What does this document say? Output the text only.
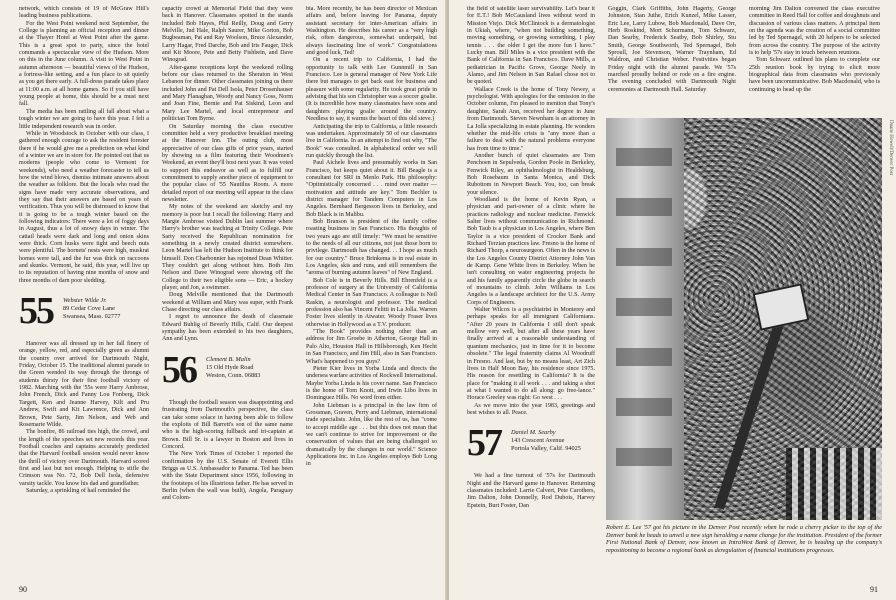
network, which consists of 19 of McGraw Hill's leading business publications.

For the West Point weekend next September, the College is planning an official reception and dinner at the Thayer Hotel at West Point after the game. This is a great spot to party, since the hotel commands a spectacular view of the Hudson. More on this in the June column. A visit to West Point in autumn afternoon — beautiful views of the Hudson, a fortress-like setting, and a fun place to sit quietly as you get there early. A full-dress parade takes place at 11:00 a.m. at all home games. So if you still have young people at home, this should be a must next fall.

The media has been rattling all fall about what a tough winter we are going to have this year. I felt a little independent research was in order.

While in Woodstock in October with our class, I gathered enough courage to ask the resident forester there if he would give me a prediction on what kind of a winter we are in store for. He pointed out that us moderns (people who come to Vermont for weekends), who need a weather forecaster to tell us how the wind blows, dismiss intimate answers about the weather as folklore. But the locals who read the signs have made very accurate observations, and they say that their answers are based on years of verification. Thus you will be distressed to know that it is going to be a tough winter based on the following indicators: There were a lot of foggy days in August, thus a lot of snowy days in winter. The cattail heads were dark and long and onion skins were thick. Corn husks were tight and beech nuts were plentiful. The hornets' nests were high, muskrat homes were tall, and the fur was thick on raccoons and skunks. Vermont, he said, this year, will live up to its reputation of having nine months of snow and three months of darn poor sledding.

55 Webster Wilde Jr.
89 Cedar Cove Lane
Swansea, Mass. 02777

Hanover was all dressed up in her fall finery of orange, yellow, red, and especially green as alumni the country over arrived for Dartmouth Night, Friday, October 15. The traditional alumni parade to the Green wended its way through the throngs of students thirsty for their first football victory of 1982. Marching with the '55s were Harry Ambrose, John French, Dick and Fanny Lou Fonberg, Dick Targett, Ken and Jeanne Harvey, Kilt and Pru Andrew, Swift and Kit Lawrence, Dick and Ann Brown, Pete Sarty, Jim Nelson, and Web and Rosemarie Wilde.

The bonfire, 86 railroad ties high, the crowd, and the length of the speeches set new records this year. Football coaches and captains accurately predicted that the Harvard football session would never know the thrill of victory over Dartmouth. Harvard scored first and last but not enough. Helping to stifle the Crimson was No. 72, Bob Dell Isola, defensive varsity tackle. You know his dad and grandfather.

Saturday, a sprinkling of hail reminded the

capacity crowd at Memorial Field that they were back in Hanover. Classmates spotted in the stands included Bob Hayes, Phil Reilly, Doug and Gerry Melville, Jud Hale, Ralph Saurer, Mike Gorton, Bob Bugbeaman, Pat and Ray Woolson, Bruce Alexander, Larry Hagar, Fred Darche, Bob and Iris Fauger, Dick and Kit Moore, Pete and Betty Fishbein, and Dave Winograd.

After-game receptions kept the weekend rolling before our class returned to the Sheraton in West Lebanon for dinner. Other classmates joining us there included John and Pat Dell Isola, Peter Drosenhauser and Mary Flanaghan, Woody and Nancy Goss, Norm and Joan Fine, Bernie and Pat Siskind, Leon and Mary Lee Martel, and local entrepreneur and politician Tom Byrne.

On Saturday morning the class executive committee held a very productive breakfast meeting at the Hanover Inn. The outing club, most appreciative of our class gifts of prior years, started by showing us a film featuring their Woodmen's Weekend, an event they'll host next year. It was voted to support this endeavor as well as to fulfill our commitment to supply another piece of equipment to the popular class of '55 Nautilus Room. A more detailed report of our meeting will appear in the class newsletter.

My notes of the weekend are sketchy and my memory is poor but I recall the following: Harry and Margie Ambrose visited Dublin last summer where Harry's brother was teaching at Trinity College. Pete Sarty received the Republican nomination for something in a newly created district somewhere. Leon Martel has left the Hudson Institute to think for himself. Don Charbonnier has rejoined Dean Whitter. They couldn't get along without him. Both Jim Nelson and Dave Winograd were showing off the College to their two eligible sons — Eric, a hockey player, and Jon, a swimmer.

Doug Melville mentioned that the Dartmouth weekend at William and Mary was super, with Frank Chase directing our class affairs.

I regret to announce the death of classmate Edward Buhlig of Beverly Hills, Calif. Our deepest sympathy has been extended to his two daughters, Ann and Lynn.

56 Clement B. Malin
15 Old Hyde Road
Weston, Conn. 06883

Though the football season was disappointing and frustrating from Dartmouth's perspective, the class can take some solace in having been able to follow the exploits of Bill Barrett's son of the same name who is the high-scoring fullback and tri-captain at Brown. Bill Sr. is a lawyer in Boston and lives in Concord.

The New York Times of October 1 reported the confirmation by the U.S. Senate of Everett Ellis Briggs as U.S. Ambassador to Panama. Ted has been with the State Department since 1956, following in the footsteps of his illustrious father. He has served in Berlin (when the wall was built), Angola, Paraguay and Colom-

bia. More recently, he has been director of Mexican affairs and, before leaving for Panama, deputy assistant secretary for inter-American affairs in Washington. He describes his career as a "very high risk, often dangerous, somewhat underpaid, but always fascinating line of work." Congratulations and good luck, Ted!

On a recent trip to California, I had the opportunity to talk with Lee Gunnmill in San Francisco. Lee is general manager of New York Life there but manages to get back east for business and pleasure with some regularity. He took great pride in advising that his son Christopher was a soccer goalie. (It is incredible how many classmates have sons and daughters playing goalie around the country. Needless to say, it warms the heart of this old sieve.)

Anticipating the trip to California, a little research was undertaken. Approximately 50 of our classmates live in California. In an attempt to find out why, "The Book" was consulted. In alphabetical order we will run quickly through the list.

Paul Aichele lives and presumably works in San Francisco, but keeps quiet about it. Bill Beagle is a consultant for SRI in Menlo Park. His philosophy: "Optimistically concerned . . . mind over matter — motivation and attitude are key." Tom Bechler is district manager for Tandem Computers in Los Angeles. Bernhard Bergesson lives in Berkeley, and Bob Black is in Malibu.

Bob Branson is president of the family coffee roasting business in San Francisco. His thoughts of two years ago are still timely: "We must be sensitive to the needs of all our citizens, not just those born to privilege. Dartmouth has changed. . . I hope as much for our country." Bruce Brinkema is in real estate in Los Angeles, skis and runs, and still remembers the "aroma of burning autumn leaves" of New England.

Bob Cole is in Beverly Hills. Bill Ehrenfeld is a professor of surgery at the University of California Medical Center in San Francisco. A colleague is Neil Raskin, a neurologist and professor. The medical profession also has Vincent Felitti in La Jolla. Warren Foster lives silently in Atwater. Woody Fraser lives otherwise in Hollywood as a T.V. producer.

"The Book" provides nothing other than an address for Jim Groebe in Atherton, George Hall in Palo Alto, Houston Hall in Hillsborough, Ken Hecht in San Francisco, and Jim Hill, also in San Francisco. What's happened to you guys?

Pieter Kier lives in Yorba Linda and directs the undersea warfare activities of Rockwell International. Maybe Yorba Linda is his cover name. San Francisco is the home of Tom Knott, and Irwin Libo lives in Dominguez Hills. No word from either.

John Liebman is a principal in the law firm of Grossman, Graven, Perry and Liebman, international trade specialists. John, like the rest of us, has "come to accept middle age . . . but this does not mean that we can't continue to strive for improvement or the conservation of values that are being challenged so dramatically by the changes in our world." Science Applications Inc. in Los Angeles employs Bob Long in

90	91

the field of satellite laser survivability. Let's hear it for E.T.! Bob McCausland lives without word in Mission Viejo. Dick McClintock is a dermatologist in Ukiah, where, "when not building something, moving something, or growing something, I play tennis . . . the older I get the more fun I have." Lucky man. Bill Miles is a vice president with the Bank of California in San Francisco. Dave Mills, a pediatrician in Pacific Grove, George Neely in Alamo, and Jim Nelson in San Rafael chose not to be quoted.

Wallace Creek is the home of Tony Newey, a psychologist. With apologies for the omission in the October column, I'm pleased to mention that Tony's daughter, Sarah Ann, received her degree in June from Dartmouth. Steven Newnham is an attorney in La Jolla specializing in estate planning. He wonders whether the mid-life crisis is "any more than a failure to deal with the natural problems everyone has from time to time."

Another bunch of quiet classmates are Tom Penchoen in Sepulveda, Gordon Poole in Berkeley, Fenwick Riley, an ophthalmologist in Healdsburg, Bob Rosebaum in Santa Monica, and Dick Rubottom in Newport Beach. You, too, can break your silence.

Woodland is the home of Kevin Ryan, a physician and part-owner of a clinic where he practices radiology and nuclear medicine. Fenwick Salter lives without communication in Richmond. Bob Taub is a physician in Los Angeles, where Ben Taylor is a vice president of Crocker Bank and Richard Terzian practices law. Fresno is the home of Richard Thorp, a neurosurgeon. Often in the news is the Los Angeles County District Attorney John Van de Kamp. Gene White lives in Berkeley. When he isn't consulting on water engineering projects he and his family apparently circle the globe in search of mountains to climb. John Williams in Los Angeles is a landscape architect for the U.S. Army Corps of Engineers.

Walter Wilcox is a psychiatrist in Monterey and perhaps speaks for all immigrant Californians. "After 20 years in California I still don't speak mellow very well, but after all these years have finally arrived at a reasonable understanding of quantum mechanics, just in time for it to become obsolete." The legal fraternity claims Al Woodruff in Fresno. And last, but by no means least, Art Zich lives in Half Moon Bay, his residence since 1975. His reason for resettling in California? It is the place for "making it all work . . . and taking a shot at what I wanted to do all along: go free-lance." Horace Greeley was right: Go west . . .

As we move into the year 1983, greetings and best wishes to all. Peace.

57 Daniel M. Searby
143 Crescent Avenue
Portola Valley, Calif. 94025

We had a fine turnout of '57s for Dartmouth Night and the Harvard game in Hanover. Returning classmates included: Larrie Calvert, Pete Carothers, Jim Dalton, John Donnelly, Rod Dubois, Harvey Epstein, Burt Foster, Dan

Goggin, Clark Griffiths, John Hagerty, George Johnston, Stan Juthe, Erich Kunzel, Mike Lasser, Eric Lee, Larry Lubow, Bob Macdonald, Dave Orr, Herb Roskind, Mort Schurmann, Tom Schwarz, Dan Searby, Frederick Seatby, Bob Shirley, Stu Smith, George Southworth, Ted Spernagel, Bob Sproull, Joe Stevenson, Warner Traynham, Ed Waldron, and Christian Weber. Festivities began Friday night with the alumni parade. We '57s marched proudly behind or rode on a fire engine. The evening concluded with Dartmouth Night ceremonies at Dartmouth Hall. Saturday

morning Jim Dalton convened the class executive committee in Reed Hall for coffee and doughnuts and discussion of various class matters. A principal item on the agenda was the creation of a social committee led by Ted Spernagel, with 20 helpers to be selected from across the country. The purpose of the activity is to help '57s stay in touch between reunions.

Tom Schwarz outlined his plans to complete our 25th reunion book by trying to elicit more biographical data from classmates who previously have been uncommunicative. Bob Macdonald, who is continuing to head up the

Duane Howell/Denver Post
Robert E. Lee '57 got his picture in the Denver Post recently when he rode a cherry picker to the top of the Denver bank he heads to unveil a new sign heralding a name change for the institution. President of the former First National Bank of Denver, now known as IntraWest Bank of Denver, he is heading up the company's repositioning to become a regional bank as deregulation of financial institutions progresses.
